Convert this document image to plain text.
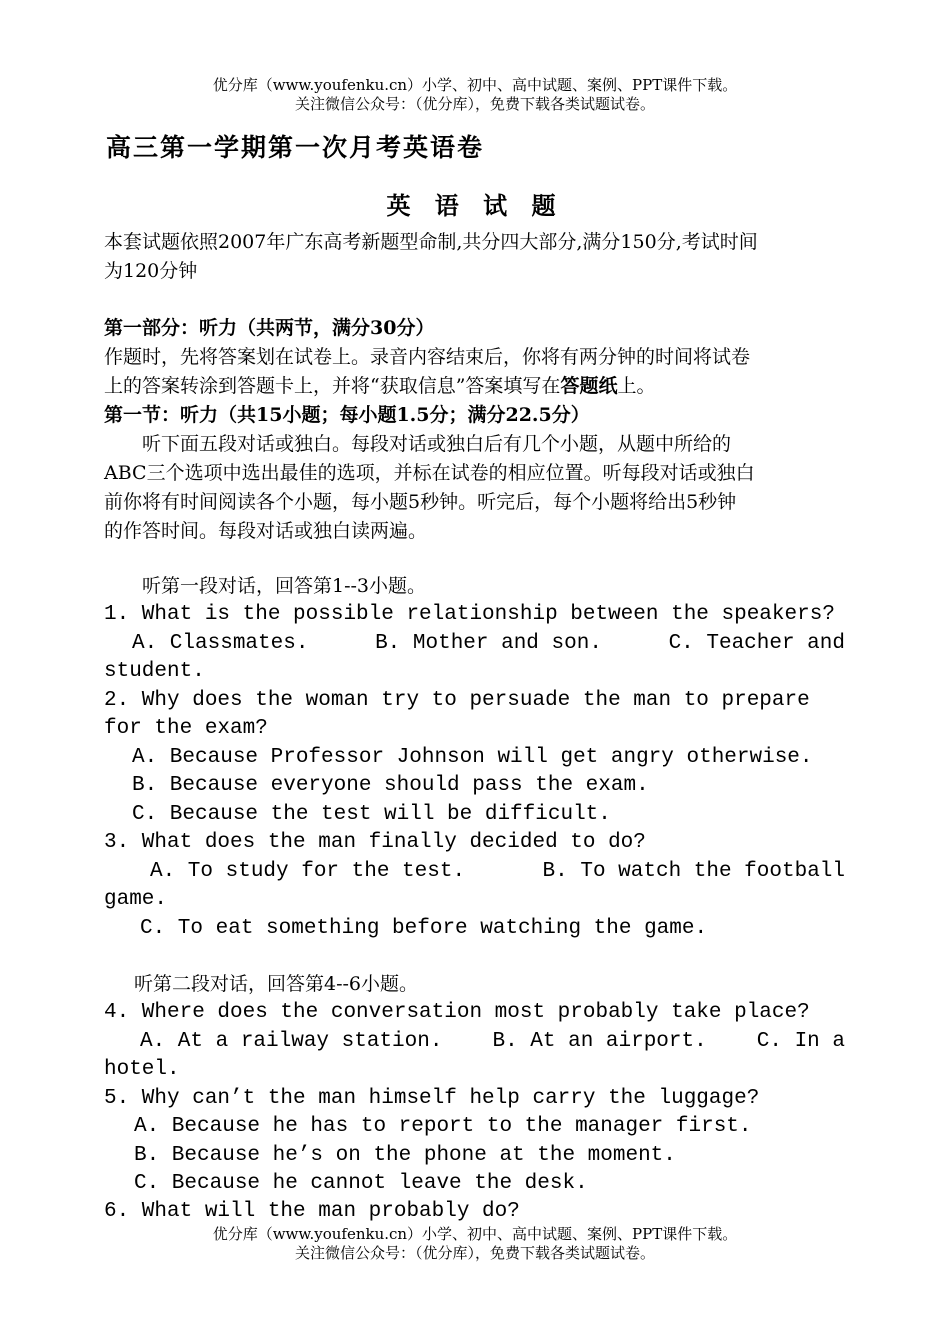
优分库（www.youfenku.cn）小学、初中、高中试题、案例、PPT课件下载。
关注微信公众号：（优分库），免费下载各类试题试卷。
高三第一学期第一次月考英语卷
英 语 试 题
本套试题依照2007年广东高考新题型命制,共分四大部分,满分150分,考试时间
为120分钟
第一部分：听力（共两节，满分30分）
作题时，先将答案划在试卷上。录音内容结束后，你将有两分钟的时间将试卷
上的答案转涂到答题卡上，并将“获取信息”答案填写在答题纸上。
第一节：听力（共15小题；每小题1.5分；满分22.5分）
　　听下面五段对话或独白。每段对话或独白后有几个小题，从题中所给的
ABC三个选项中选出最佳的选项，并标在试卷的相应位置。听每段对话或独白
前你将有时间阅读各个小题，每小题5秒钟。听完后，每个小题将给出5秒钟
的作答时间。每段对话或独白读两遍。
听第一段对话，回答第1--3小题。
1. What is the possible relationship between the speakers?
A. Classmates.	B. Mother and son.	C. Teacher and
student.
2. Why does the woman try to persuade the man to prepare
for the exam?
A. Because Professor Johnson will get angry otherwise.
B. Because everyone should pass the exam.
C. Because the test will be difficult.
3. What does the man finally decided to do?
A. To study for the test.	B. To watch the football
game.
C. To eat something before watching the game.
听第二段对话，回答第4--6小题。
4. Where does the conversation most probably take place?
A. At a railway station. B. At an airport. C. In a
hotel.
5. Why can’t the man himself help carry the luggage?
A. Because he has to report to the manager first.
B. Because he’s on the phone at the moment.
C. Because he cannot leave the desk.
6. What will the man probably do?
优分库（www.youfenku.cn）小学、初中、高中试题、案例、PPT课件下载。
关注微信公众号：（优分库），免费下载各类试题试卷。
